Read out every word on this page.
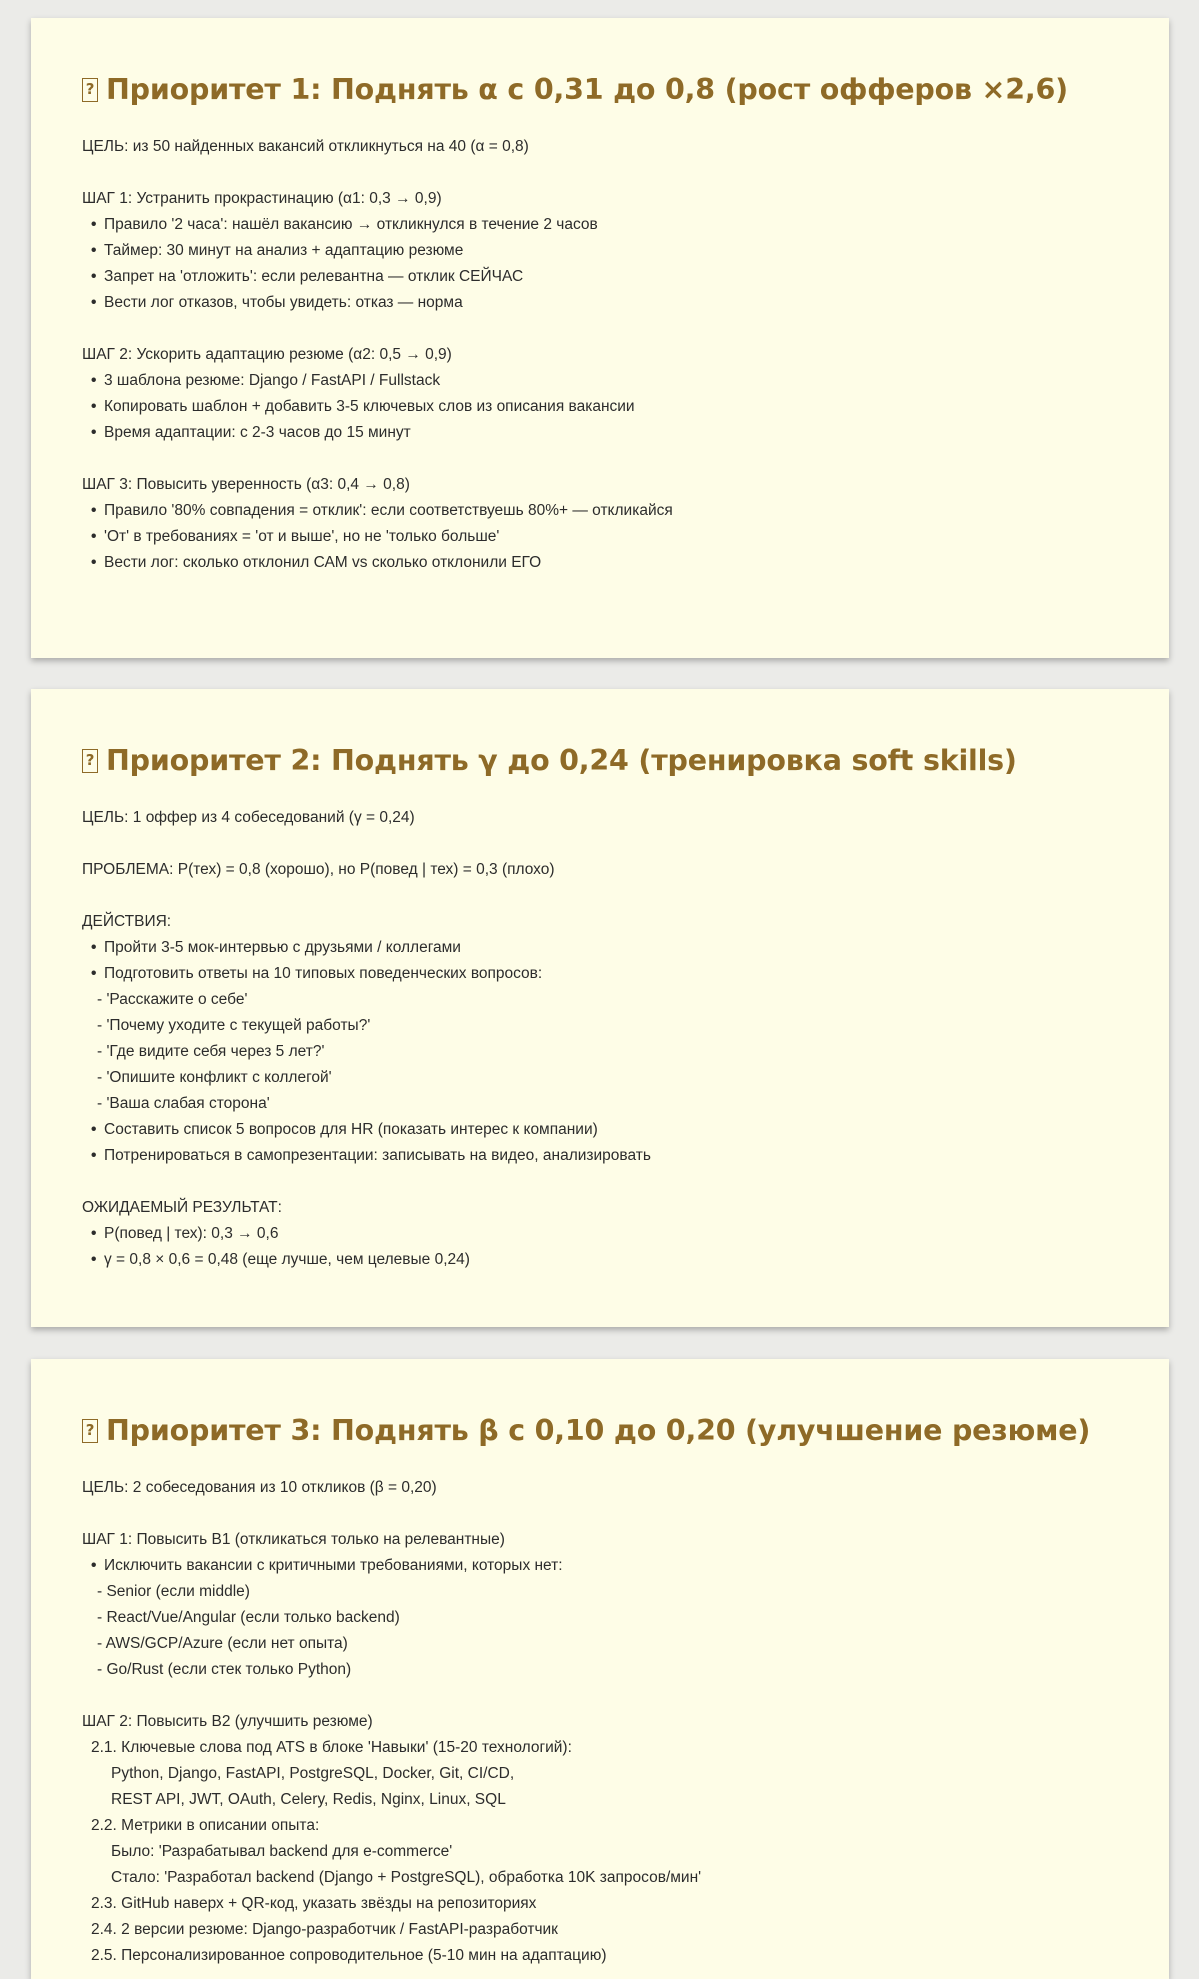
?
Приоритет 1: Поднять α с 0,31 до 0,8 (рост офферов ×2,6)
ЦЕЛЬ: из 50 найденных вакансий откликнуться на 40 (α = 0,8)
ШАГ 1: Устранить прокрастинацию (α1: 0,3 → 0,9)
• Правило '2 часа': нашёл вакансию → откликнулся в течение 2 часов
• Таймер: 30 минут на анализ + адаптацию резюме
• Запрет на 'отложить': если релевантна — отклик СЕЙЧАС
• Вести лог отказов, чтобы увидеть: отказ — норма
ШАГ 2: Ускорить адаптацию резюме (α2: 0,5 → 0,9)
• 3 шаблона резюме: Django / FastAPI / Fullstack
• Копировать шаблон + добавить 3-5 ключевых слов из описания вакансии
• Время адаптации: с 2-3 часов до 15 минут
ШАГ 3: Повысить уверенность (α3: 0,4 → 0,8)
• Правило '80% совпадения = отклик': если соответствуешь 80%+ — откликайся
• 'От' в требованиях = 'от и выше', но не 'только больше'
• Вести лог: сколько отклонил САМ vs сколько отклонили ЕГО
?
Приоритет 2: Поднять γ до 0,24 (тренировка soft skills)
ЦЕЛЬ: 1 оффер из 4 собеседований (γ = 0,24)
ПРОБЛЕМА: P(тех) = 0,8 (хорошо), но P(повед | тех) = 0,3 (плохо)
ДЕЙСТВИЯ:
• Пройти 3-5 мок-интервью с друзьями / коллегами
• Подготовить ответы на 10 типовых поведенческих вопросов:
- 'Расскажите о себе'
- 'Почему уходите с текущей работы?'
- 'Где видите себя через 5 лет?'
- 'Опишите конфликт с коллегой'
- 'Ваша слабая сторона'
• Составить список 5 вопросов для HR (показать интерес к компании)
• Потренироваться в самопрезентации: записывать на видео, анализировать
ОЖИДАЕМЫЙ РЕЗУЛЬТАТ:
• P(повед | тех): 0,3 → 0,6
• γ = 0,8 × 0,6 = 0,48 (еще лучше, чем целевые 0,24)
?
Приоритет 3: Поднять β с 0,10 до 0,20 (улучшение резюме)
ЦЕЛЬ: 2 собеседования из 10 откликов (β = 0,20)
ШАГ 1: Повысить B1 (откликаться только на релевантные)
• Исключить вакансии с критичными требованиями, которых нет:
- Senior (если middle)
- React/Vue/Angular (если только backend)
- AWS/GCP/Azure (если нет опыта)
- Go/Rust (если стек только Python)
ШАГ 2: Повысить B2 (улучшить резюме)
2.1. Ключевые слова под ATS в блоке 'Навыки' (15-20 технологий):
Python, Django, FastAPI, PostgreSQL, Docker, Git, CI/CD,
REST API, JWT, OAuth, Celery, Redis, Nginx, Linux, SQL
2.2. Метрики в описании опыта:
Было: 'Разрабатывал backend для e-commerce'
Стало: 'Разработал backend (Django + PostgreSQL), обработка 10K запросов/мин'
2.3. GitHub наверх + QR-код, указать звёзды на репозиториях
2.4. 2 версии резюме: Django-разработчик / FastAPI-разработчик
2.5. Персонализированное сопроводительное (5-10 мин на адаптацию)
